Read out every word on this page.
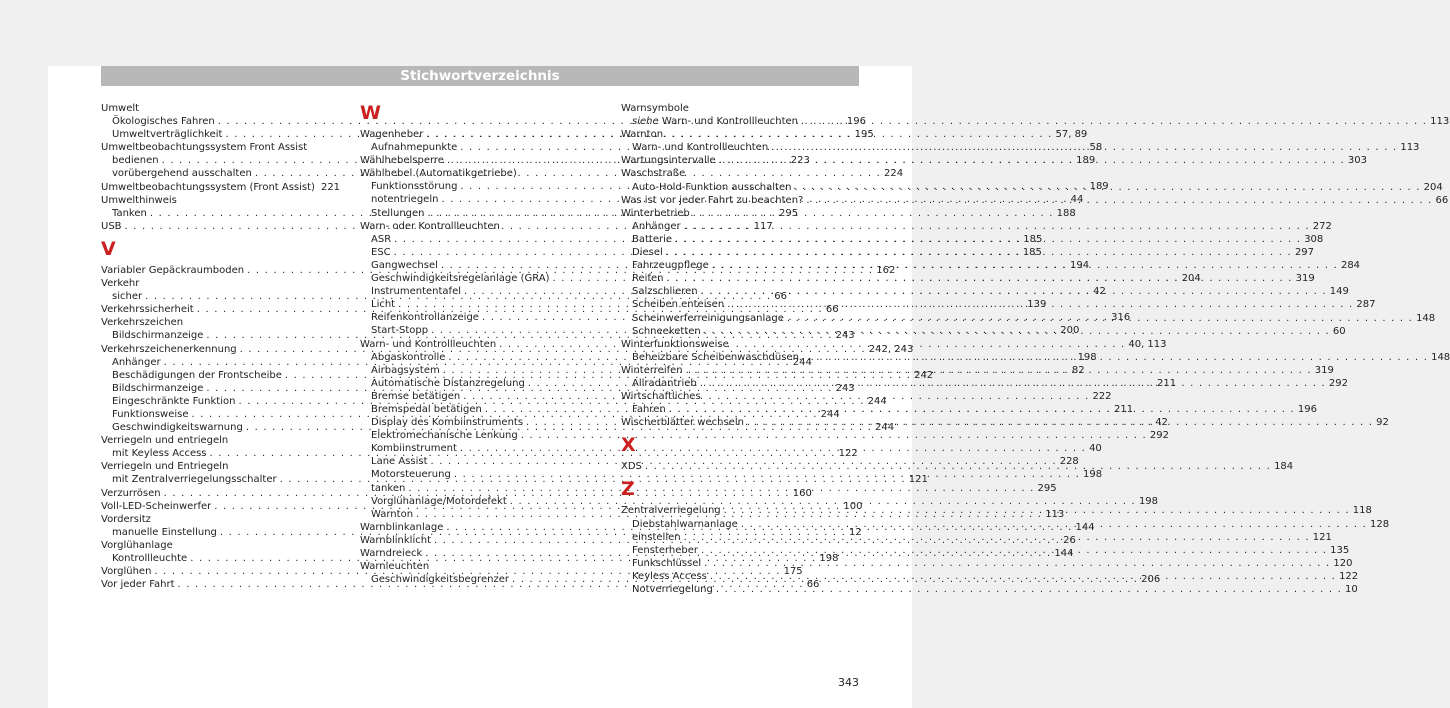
Stichwortverzeichnis
Umwelt
Ökologisches Fahren . . .	196
Umweltverträglichkeit . . .	195
Umweltbeobachtungssystem Front Assist
bedienen . . .	223
vorübergehend ausschalten . . .	224
Umweltbeobachtungssystem (Front Assist) 221
Umwelthinweis
Tanken . . .	295
USB . . .	117
V
Variabler Gepäckraumboden . . .	162
Verkehr
sicher . . .	66
Verkehrssicherheit . . .	66
Verkehrszeichen
Bildschirmanzeige . . .	243
Verkehrszeichenerkennung . . .	242, 243
Anhänger . . .	244
Beschädigungen der Frontscheibe . . .	242
Bildschirmanzeige . . .	243
Eingeschränkte Funktion . . .	244
Funktionsweise . . .	244
Geschwindigkeitswarnung . . .	244
Verriegeln und entriegeln
mit Keyless Access . . .	122
Verriegeln und Entriegeln
mit Zentralverriegelungsschalter . . .	121
Verzurrösen . . .	160
Voll-LED-Scheinwerfer . . .	100
Vordersitz
manuelle Einstellung . . .	12
Vorglühanlage
Kontrollleuchte . . .	198
Vorglühen . . .	175
Vor jeder Fahrt . . .	66
W
Wagenheber . . .	57, 89
Aufnahmepunkte . . .	58
Wählhebelsperre . . .	189
Wählhebel (Automatikgetriebe)
Funktionsstörung . . .	189
notentriegeln . . .	44
Stellungen . . .	188
Warn- oder Kontrollleuchten
ASR . . .	185
ESC . . .	185
Gangwechsel . . .	194
Geschwindigkeitsregelanlage (GRA) . . .	204
Instrumententafel . . .	42
Licht . . .	139
Reifenkontrollanzeige . . .	316
Start-Stopp . . .	200
Warn- und Kontrollleuchten . . .	40, 113
Abgaskontrolle . . .	198
Airbagsystem . . .	82
Automatische Distanzregelung . . .	211
Bremse betätigen . . .	222
Bremspedal betätigen . . .	211
Display des Kombiinstruments . . .	42
Elektromechanische Lenkung . . .	292
Kombiinstrument . . .	40
Lane Assist . . .	228
Motorsteuerung . . .	198
tanken . . .	295
Vorglühanlage/Motordefekt . . .	198
Warnton . . .	113
Warnblinkanlage . . .	144
Warnblinklicht . . .	26
Warndreieck . . .	144
Warnleuchten
Geschwindigkeitsbegrenzer . . .	206
Warnsymbole
siehe Warn- und Kontrollleuchten . . .	113
Warnton
Warn- und Kontrollleuchten . . .	113
Wartungsintervalle . . .	303
Waschstraße
Auto-Hold-Funktion ausschalten . . .	204
Was ist vor jeder Fahrt zu beachten? . . .	66
Winterbetrieb
Anhänger . . .	272
Batterie . . .	308
Diesel . . .	297
Fahrzeugpflege . . .	284
Reifen . . .	319
Salzschlieren . . .	149
Scheiben enteisen . . .	287
Scheinwerferreinigungsanlage . . .	148
Schneeketten . . .	60
Winterfunktionsweise
Beheizbare Scheibenwaschdüsen . . .	148
Winterreifen . . .	319
Allradantrieb . . .	292
Wirtschaftliches
Fahren . . .	196
Wischerblätter wechseln . . .	92
X
XDS . . .	184
Z
Zentralverriegelung . . .	118
Diebstahlwarnanlage . . .	128
einstellen . . .	121
Fensterheber . . .	135
Funkschlüssel . . .	120
Keyless Access . . .	122
Notverriegelung . . .	10
343
